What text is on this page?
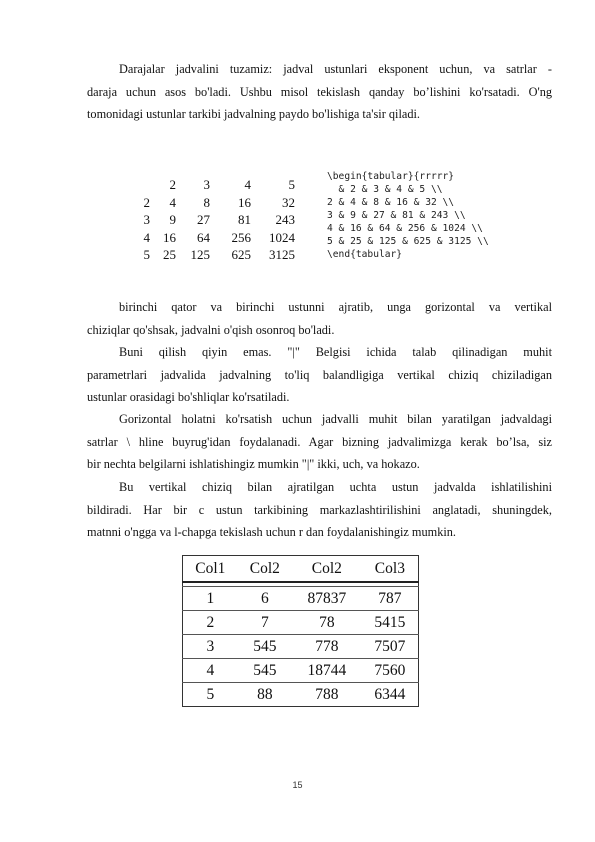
Darajalar jadvalini tuzamiz: jadval ustunlari eksponent uchun, va satrlar -
daraja uchun asos bo'ladi. Ushbu misol tekislash qanday bo’lishini ko'rsatadi. O'ng
tomonidagi ustunlar tarkibi jadvalning paydo bo'lishiga ta'sir qiladi.
	2	3	4	5
2	4	8	16	32
3	9	27	81	243
4	16	64	256	1024
5	25	125	625	3125
\begin{tabular}{rrrrr}
& 2 & 3 & 4 & 5 \\
2 & 4 & 8 & 16 & 32 \\
3 & 9 & 27 & 81 & 243 \\
4 & 16 & 64 & 256 & 1024 \\
5 & 25 & 125 & 625 & 3125 \\
\end{tabular}
birinchi qator va birinchi ustunni ajratib, unga gorizontal va vertikal
chiziqlar qo'shsak, jadvalni o'qish osonroq bo'ladi.
Buni qilish qiyin emas. "|" Belgisi ichida talab qilinadigan muhit
parametrlari jadvalida jadvalning to'liq balandligiga vertikal chiziq chiziladigan
ustunlar orasidagi bo'shliqlar ko'rsatiladi.
Gorizontal holatni ko'rsatish uchun jadvalli muhit bilan yaratilgan jadvaldagi
satrlar \ hline buyrug'idan foydalanadi. Agar bizning jadvalimizga kerak bo’lsa, siz
bir nechta belgilarni ishlatishingiz mumkin "|" ikki, uch, va hokazo.
Bu vertikal chiziq bilan ajratilgan uchta ustun jadvalda ishlatilishini
bildiradi. Har bir c ustun tarkibining markazlashtirilishini anglatadi, shuningdek,
matnni o'ngga va l-chapga tekislash uchun r dan foydalanishingiz mumkin.
Col1	Col2	Col2	Col3

1	6	87837	787
2	7	78	5415
3	545	778	7507
4	545	18744	7560
5	88	788	6344
15
